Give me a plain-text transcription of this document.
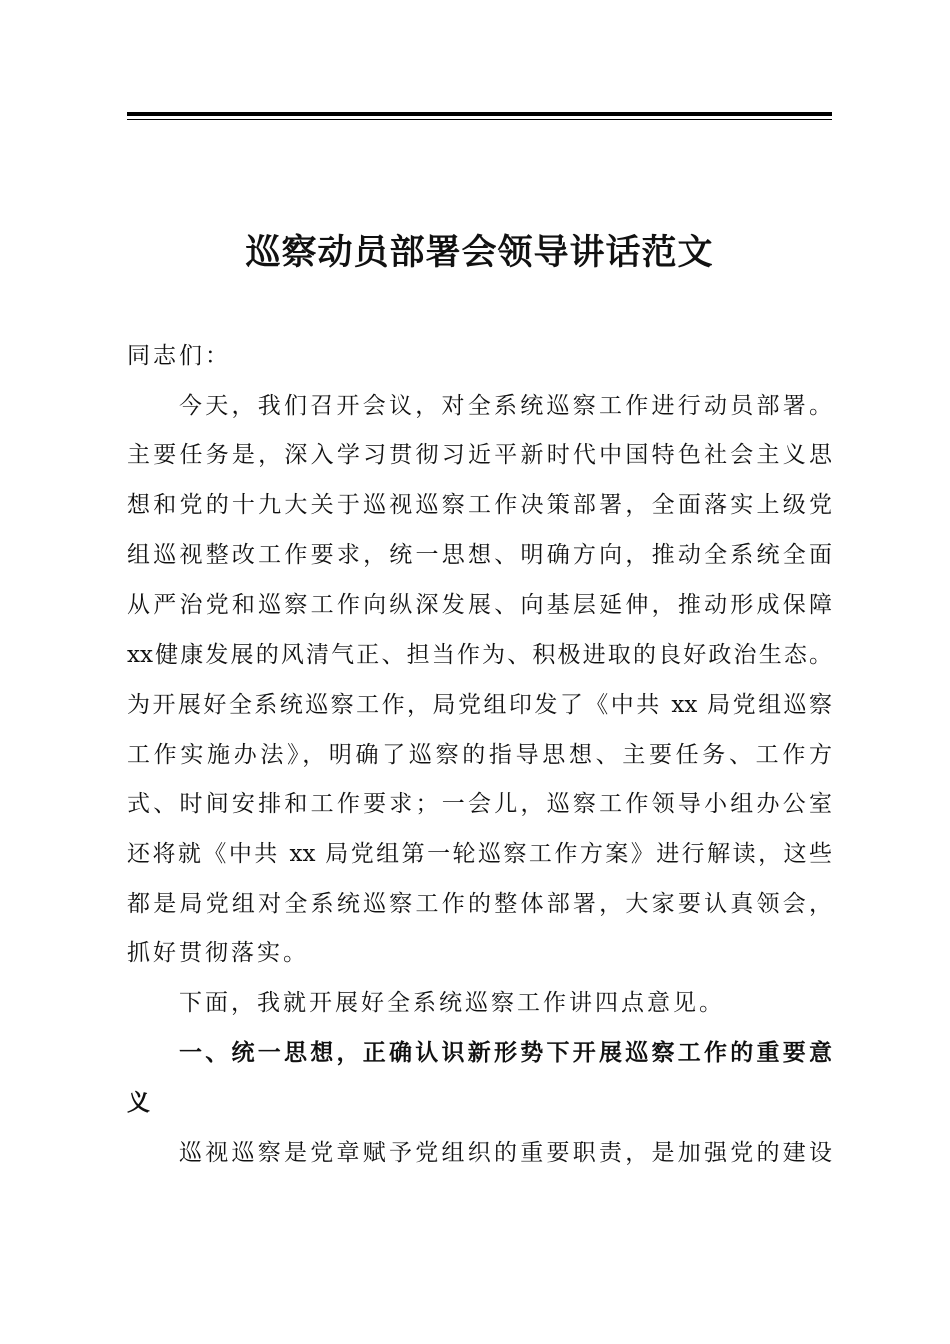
巡察动员部署会领导讲话范文
同志们：
今天，我们召开会议，对全系统巡察工作进行动员部署。
主要任务是，深入学习贯彻习近平新时代中国特色社会主义思
想和党的十九大关于巡视巡察工作决策部署，全面落实上级党
组巡视整改工作要求，统一思想、明确方向，推动全系统全面
从严治党和巡察工作向纵深发展、向基层延伸，推动形成保障
xx健康发展的风清气正、担当作为、积极进取的良好政治生态。
为开展好全系统巡察工作，局党组印发了《中共 xx 局党组巡察
工作实施办法》，明确了巡察的指导思想、主要任务、工作方
式、时间安排和工作要求；一会儿，巡察工作领导小组办公室
还将就《中共 xx 局党组第一轮巡察工作方案》进行解读，这些
都是局党组对全系统巡察工作的整体部署，大家要认真领会，
抓好贯彻落实。
下面，我就开展好全系统巡察工作讲四点意见。
一、统一思想，正确认识新形势下开展巡察工作的重要意
义
巡视巡察是党章赋予党组织的重要职责，是加强党的建设
